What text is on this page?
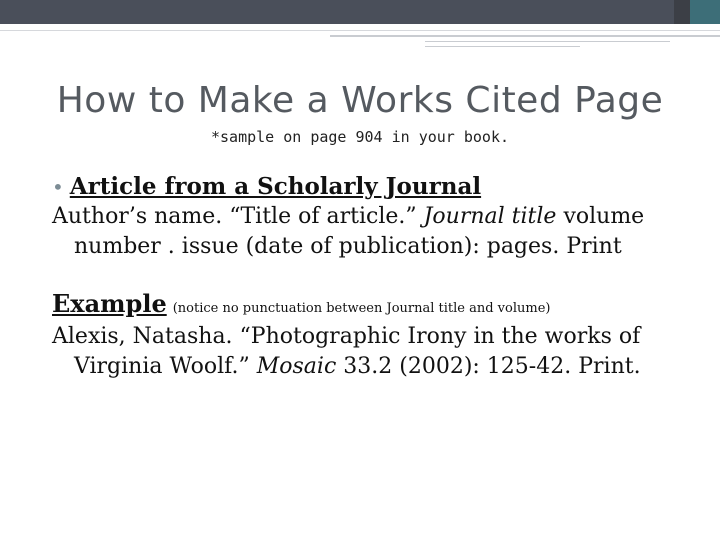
How to Make a Works Cited Page
*sample on page 904 in your book.
• Article from a Scholarly Journal
Author’s name. “Title of article.” Journal title volume number . issue (date of publication): pages. Print
Example (notice no punctuation between Journal title and volume)
Alexis, Natasha. “Photographic Irony in the works of Virginia Woolf.” Mosaic 33.2 (2002): 125-42. Print.
